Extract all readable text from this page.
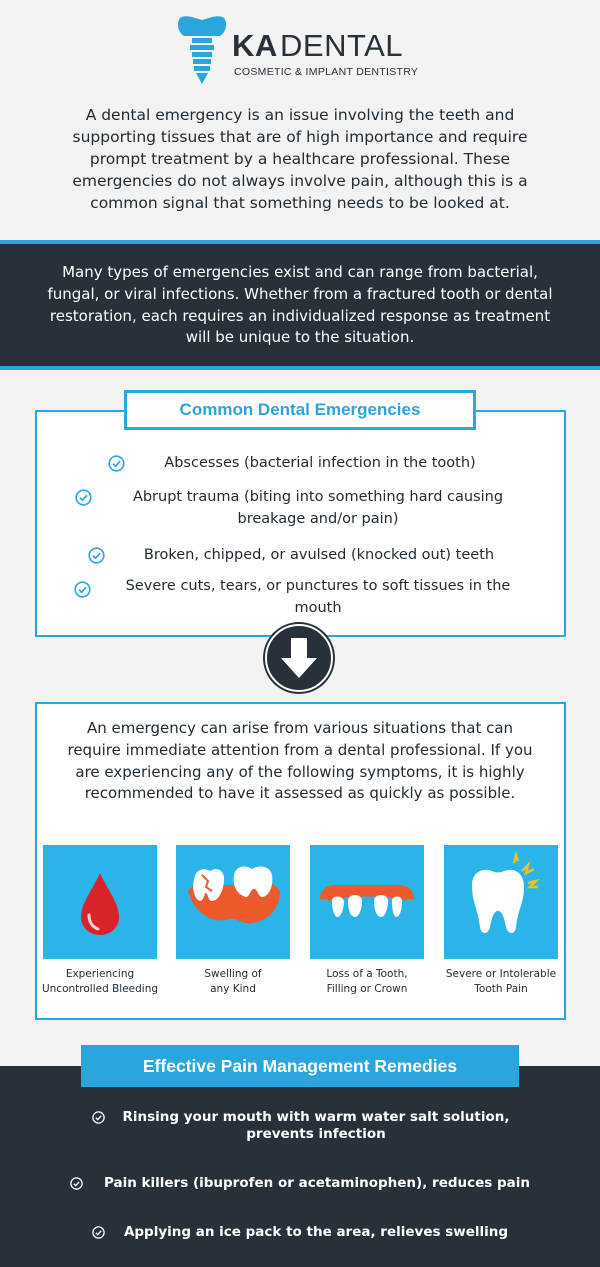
KA DENTAL
COSMETIC & IMPLANT DENTISTRY
A dental emergency is an issue involving the teeth and supporting tissues that are of high importance and require prompt treatment by a healthcare professional. These emergencies do not always involve pain, although this is a common signal that something needs to be looked at.
Many types of emergencies exist and can range from bacterial, fungal, or viral infections. Whether from a fractured tooth or dental restoration, each requires an individualized response as treatment will be unique to the situation.
Common Dental Emergencies
Abscesses (bacterial infection in the tooth)
Abrupt trauma (biting into something hard causing breakage and/or pain)
Broken, chipped, or avulsed (knocked out) teeth
Severe cuts, tears, or punctures to soft tissues in the mouth
An emergency can arise from various situations that can require immediate attention from a dental professional. If you are experiencing any of the following symptoms, it is highly recommended to have it assessed as quickly as possible.
Experiencing
Uncontrolled Bleeding
Swelling of
any Kind
Loss of a Tooth,
Filling or Crown
Severe or Intolerable
Tooth Pain
Effective Pain Management Remedies
Rinsing your mouth with warm water salt solution, prevents infection
Pain killers (ibuprofen or acetaminophen), reduces pain
Applying an ice pack to the area, relieves swelling
